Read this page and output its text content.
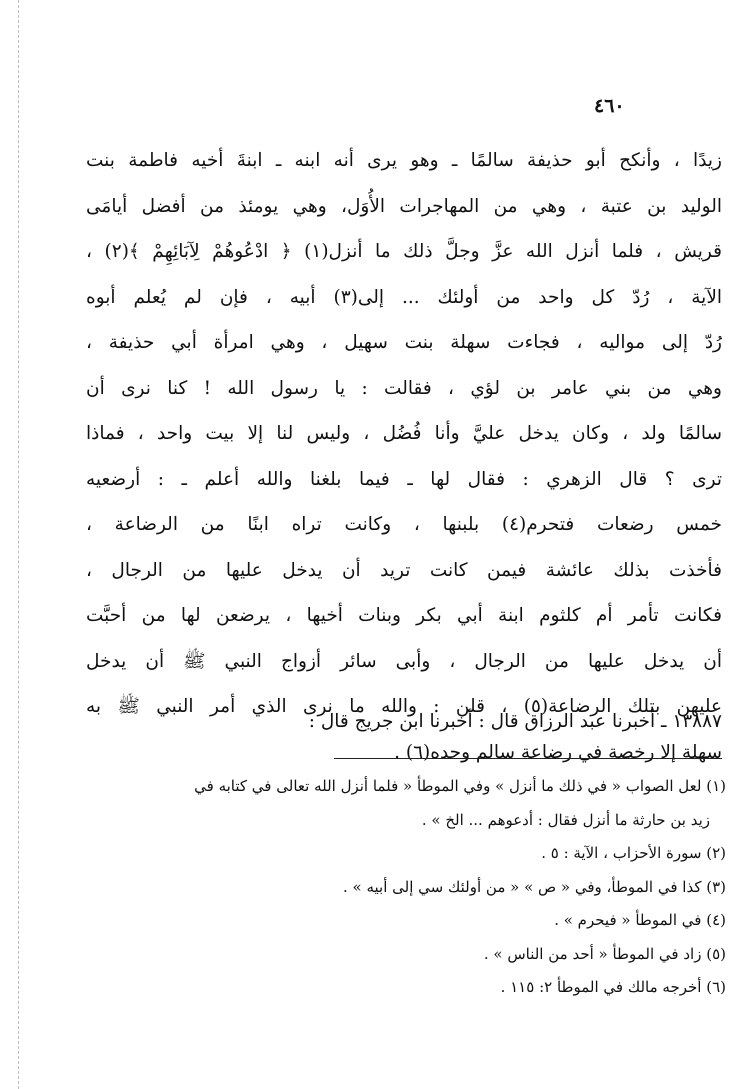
٤٦٠
زيدًا ، وأنكح أبو حذيفة سالمًا ـ وهو يرى أنه ابنه ـ ابنةَ أخيه فاطمة بنت
الوليد بن عتبة ، وهي من المهاجرات الأُوَل، وهي يومئذ من أفضل أيامَى
قريش ، فلما أنزل الله عزَّ وجلَّ ذلك ما أنزل(١) ﴿ ادْعُوهُمْ لِآبَائِهِمْ ﴾(٢) ،
الآية ، رُدّ كل واحد من أولئك ... إلى(٣) أبيه ، فإن لم يُعلم أبوه
رُدّ إلى مواليه ، فجاءت سهلة بنت سهيل ، وهي امرأة أبي حذيفة ،
وهي من بني عامر بن لؤي ، فقالت : يا رسول الله ! كنا نرى أن
سالمًا ولد ، وكان يدخل عليَّ وأنا فُضُل ، وليس لنا إلا بيت واحد ، فماذا
ترى ؟ قال الزهري : فقال لها ـ فيما بلغنا والله أعلم ـ : أرضعيه
خمس رضعات فتحرم(٤) بلبنها ، وكانت تراه ابنًا من الرضاعة ،
فأخذت بذلك عائشة فيمن كانت تريد أن يدخل عليها من الرجال ،
فكانت تأمر أم كلثوم ابنة أبي بكر وبنات أخيها ، يرضعن لها من أحبَّت
أن يدخل عليها من الرجال ، وأبى سائر أزواج النبي ﷺ أن يدخل
عليهن بتلك الرضاعة(٥) ، قلن : والله ما نرى الذي أمر النبي ﷺ به
سهلة إلا رخصة في رضاعة سالم وحده(٦) .
١٣٨٨٧ ـ أخبرنا عبد الرزاق قال : أخبرنا ابن جريج قال :
(١) لعل الصواب « في ذلك ما أنزل » وفي الموطأ « فلما أنزل الله تعالى في كتابه في
زيد بن حارثة ما أنزل فقال : أدعوهم ... الخ » .
(٢) سورة الأحزاب ، الآية : ٥ .
(٣) كذا في الموطأ، وفي « ص » « من أولئك سي إلى أبيه » .
(٤) في الموطأ « فيحرم » .
(٥) زاد في الموطأ « أحد من الناس » .
(٦) أخرجه مالك في الموطأ ٢: ١١٥ .
